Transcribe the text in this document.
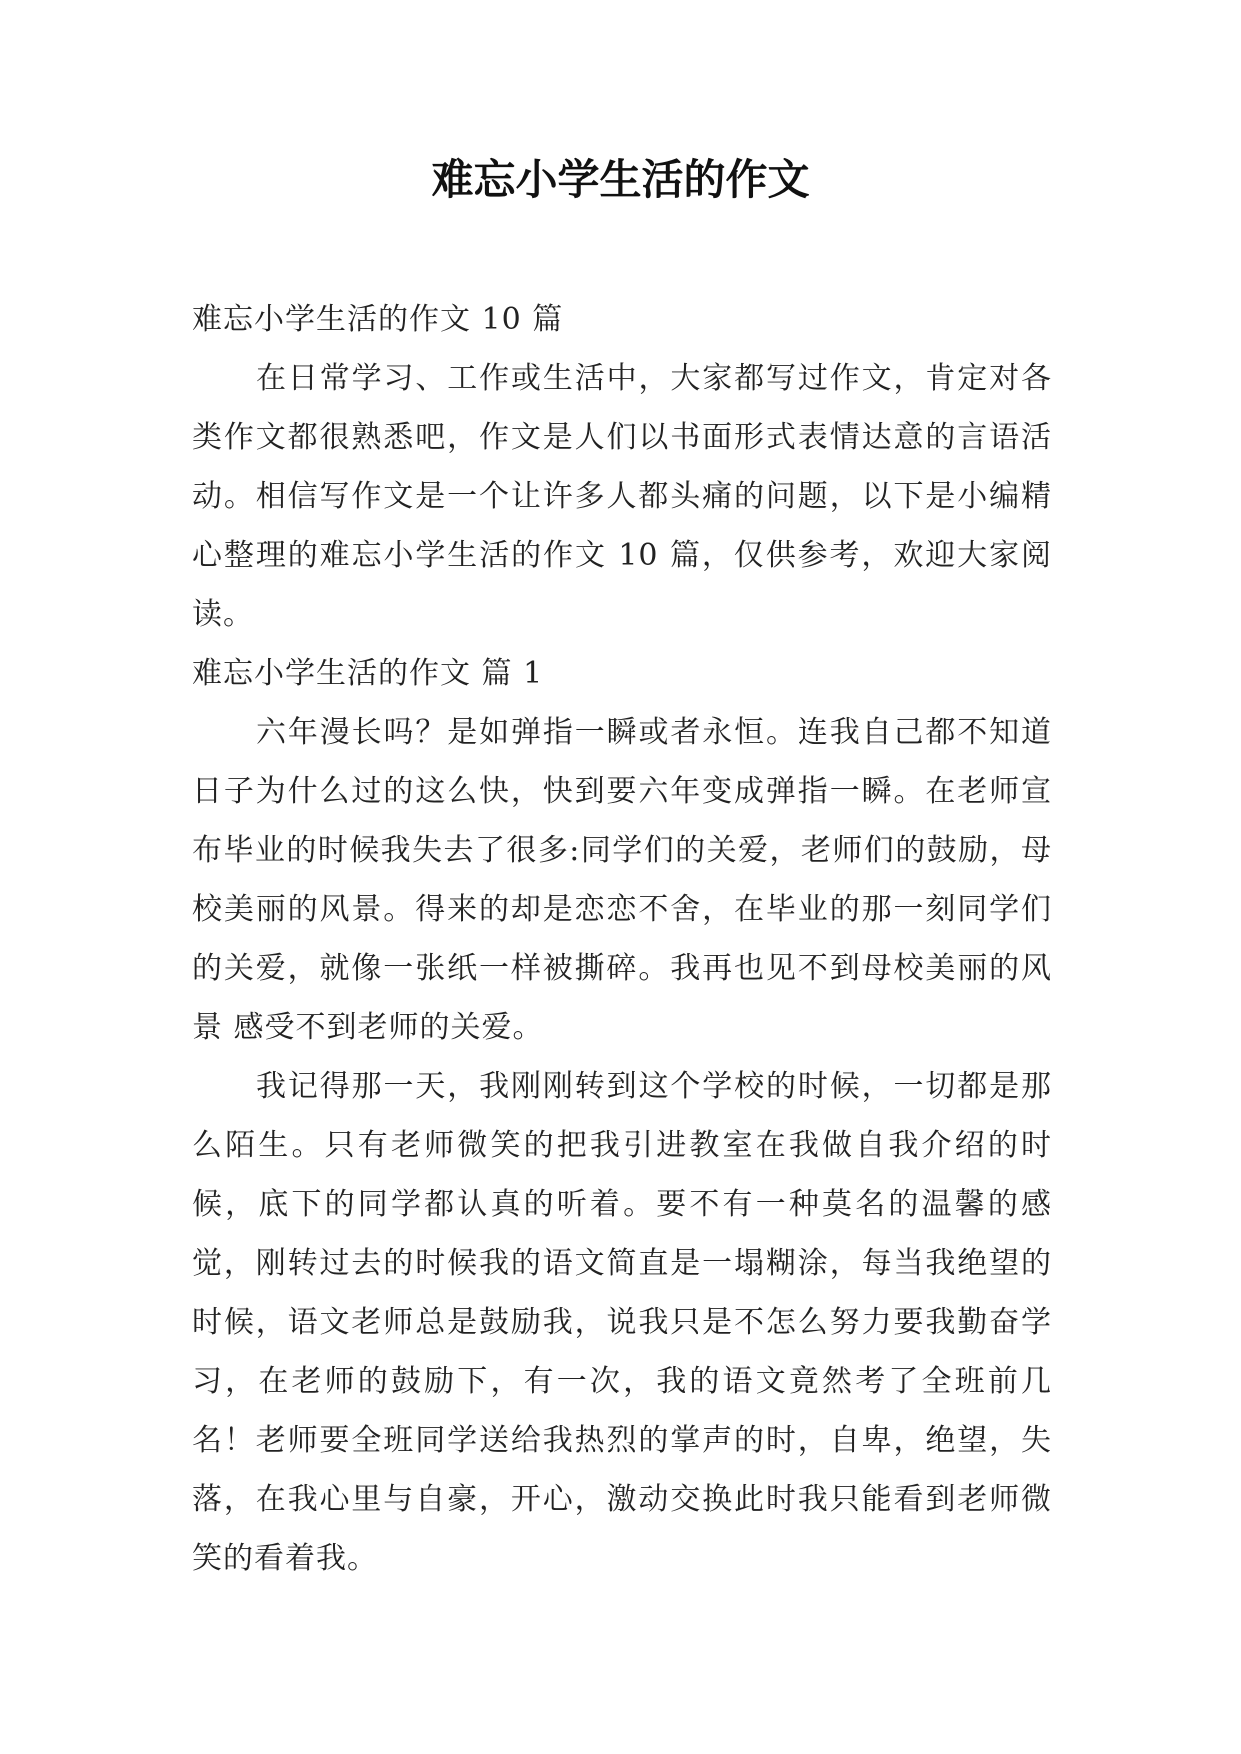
难忘小学生活的作文

难忘小学生活的作文 10 篇

在日常学习、工作或生活中，大家都写过作文，肯定对各类作文都很熟悉吧，作文是人们以书面形式表情达意的言语活动。相信写作文是一个让许多人都头痛的问题，以下是小编精心整理的难忘小学生活的作文 10 篇，仅供参考，欢迎大家阅读。

难忘小学生活的作文 篇 1

六年漫长吗？是如弹指一瞬或者永恒。连我自己都不知道日子为什么过的这么快，快到要六年变成弹指一瞬。在老师宣布毕业的时候我失去了很多:同学们的关爱，老师们的鼓励，母校美丽的风景。得来的却是恋恋不舍，在毕业的那一刻同学们的关爱，就像一张纸一样被撕碎。我再也见不到母校美丽的风景 感受不到老师的关爱。

我记得那一天，我刚刚转到这个学校的时候，一切都是那么陌生。只有老师微笑的把我引进教室在我做自我介绍的时候，底下的同学都认真的听着。要不有一种莫名的温馨的感觉，刚转过去的时候我的语文简直是一塌糊涂，每当我绝望的时候，语文老师总是鼓励我，说我只是不怎么努力要我勤奋学习，在老师的鼓励下，有一次，我的语文竟然考了全班前几名！老师要全班同学送给我热烈的掌声的时，自卑，绝望，失落，在我心里与自豪，开心，激动交换此时我只能看到老师微笑的看着我。
